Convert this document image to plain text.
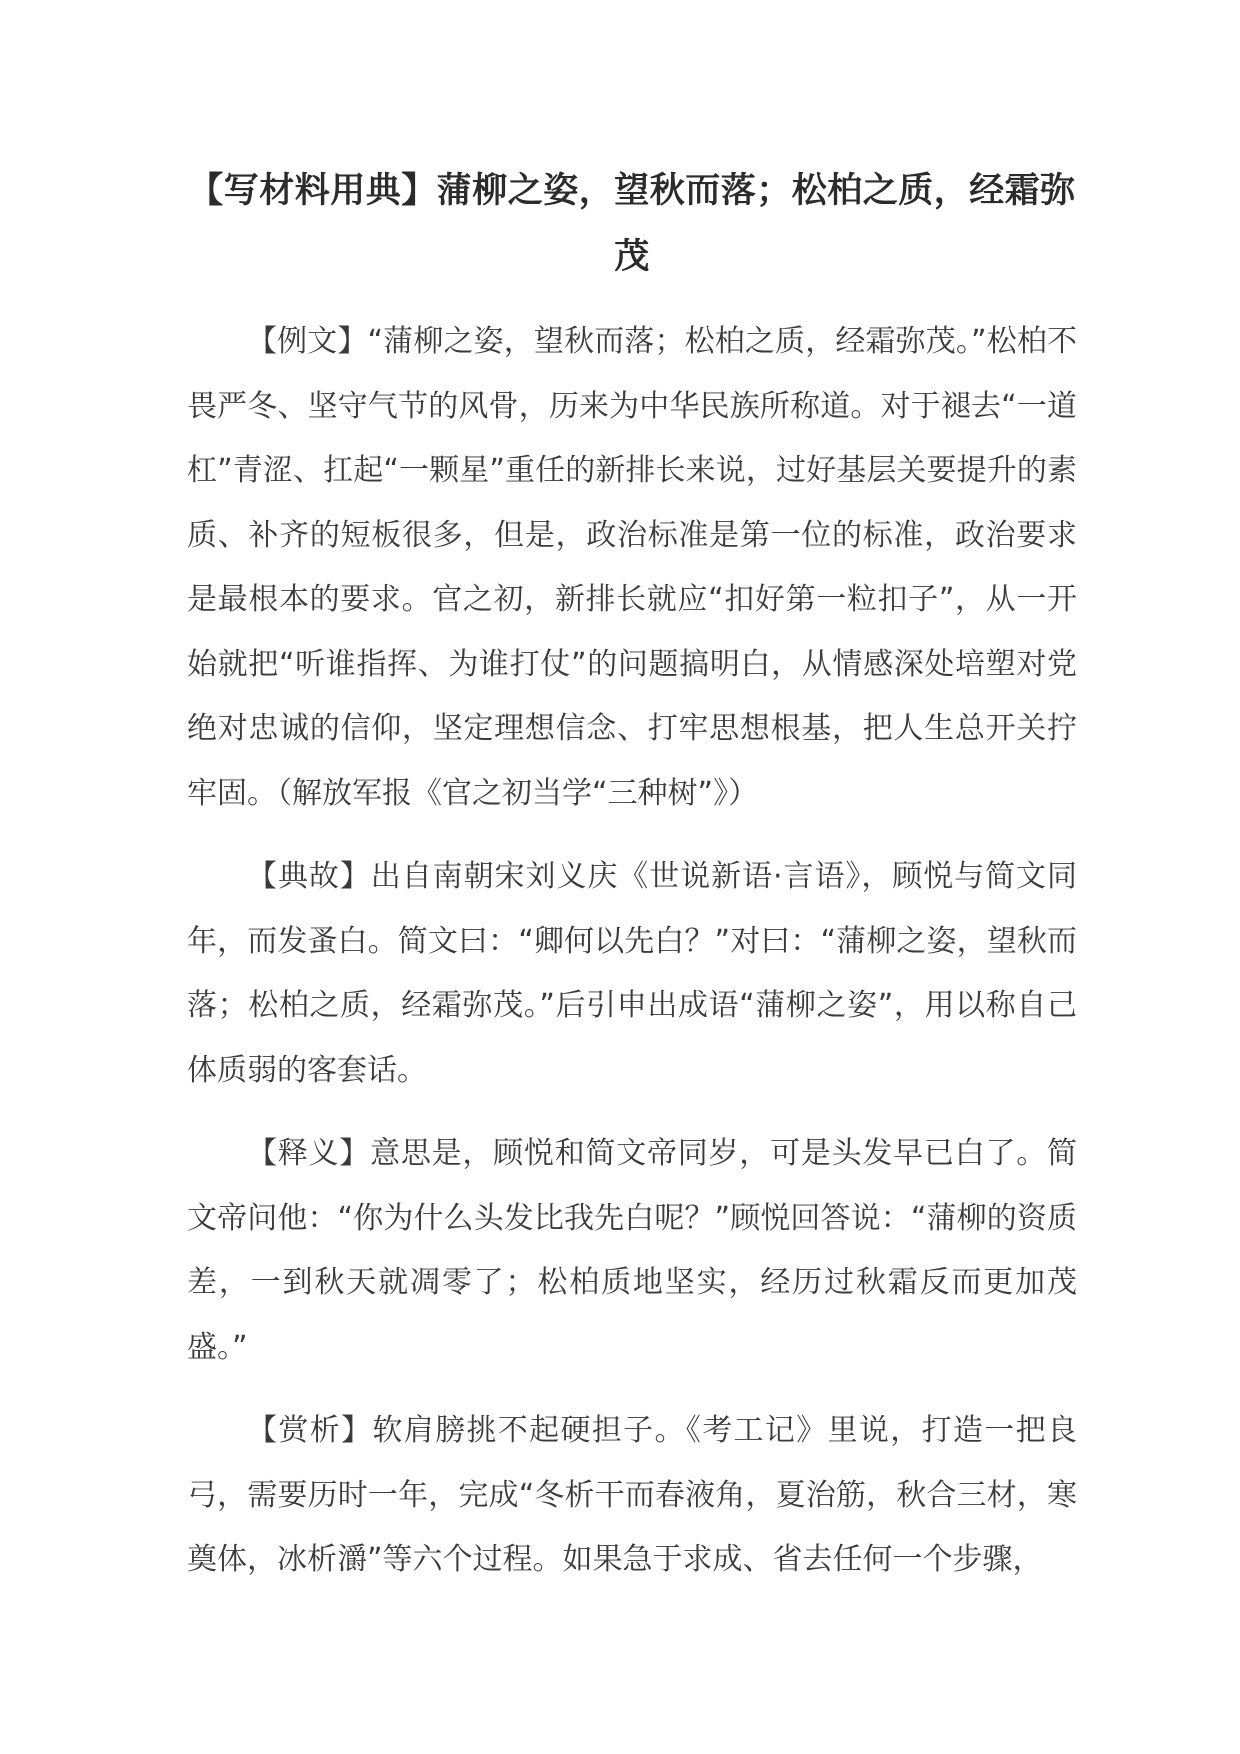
【写材料用典】蒲柳之姿，望秋而落；松柏之质，经霜弥茂

【例文】“蒲柳之姿，望秋而落；松柏之质，经霜弥茂。”松柏不畏严冬、坚守气节的风骨，历来为中华民族所称道。对于褪去“一道杠”青涩、扛起“一颗星”重任的新排长来说，过好基层关要提升的素质、补齐的短板很多，但是，政治标准是第一位的标准，政治要求是最根本的要求。官之初，新排长就应“扣好第一粒扣子”，从一开始就把“听谁指挥、为谁打仗”的问题搞明白，从情感深处培塑对党绝对忠诚的信仰，坚定理想信念、打牢思想根基，把人生总开关拧牢固。（解放军报《官之初当学“三种树”》）

【典故】出自南朝宋刘义庆《世说新语·言语》，顾悦与简文同年，而发蚤白。简文曰：“卿何以先白？”对曰：“蒲柳之姿，望秋而落；松柏之质，经霜弥茂。”后引申出成语“蒲柳之姿”，用以称自己体质弱的客套话。

【释义】意思是，顾悦和简文帝同岁，可是头发早已白了。简文帝问他：“你为什么头发比我先白呢？”顾悦回答说：“蒲柳的资质差，一到秋天就凋零了；松柏质地坚实，经历过秋霜反而更加茂盛。”

【赏析】软肩膀挑不起硬担子。《考工记》里说，打造一把良弓，需要历时一年，完成“冬析干而春液角，夏治筋，秋合三材，寒奠体，冰析灂”等六个过程。如果急于求成、省去任何一个步骤，
